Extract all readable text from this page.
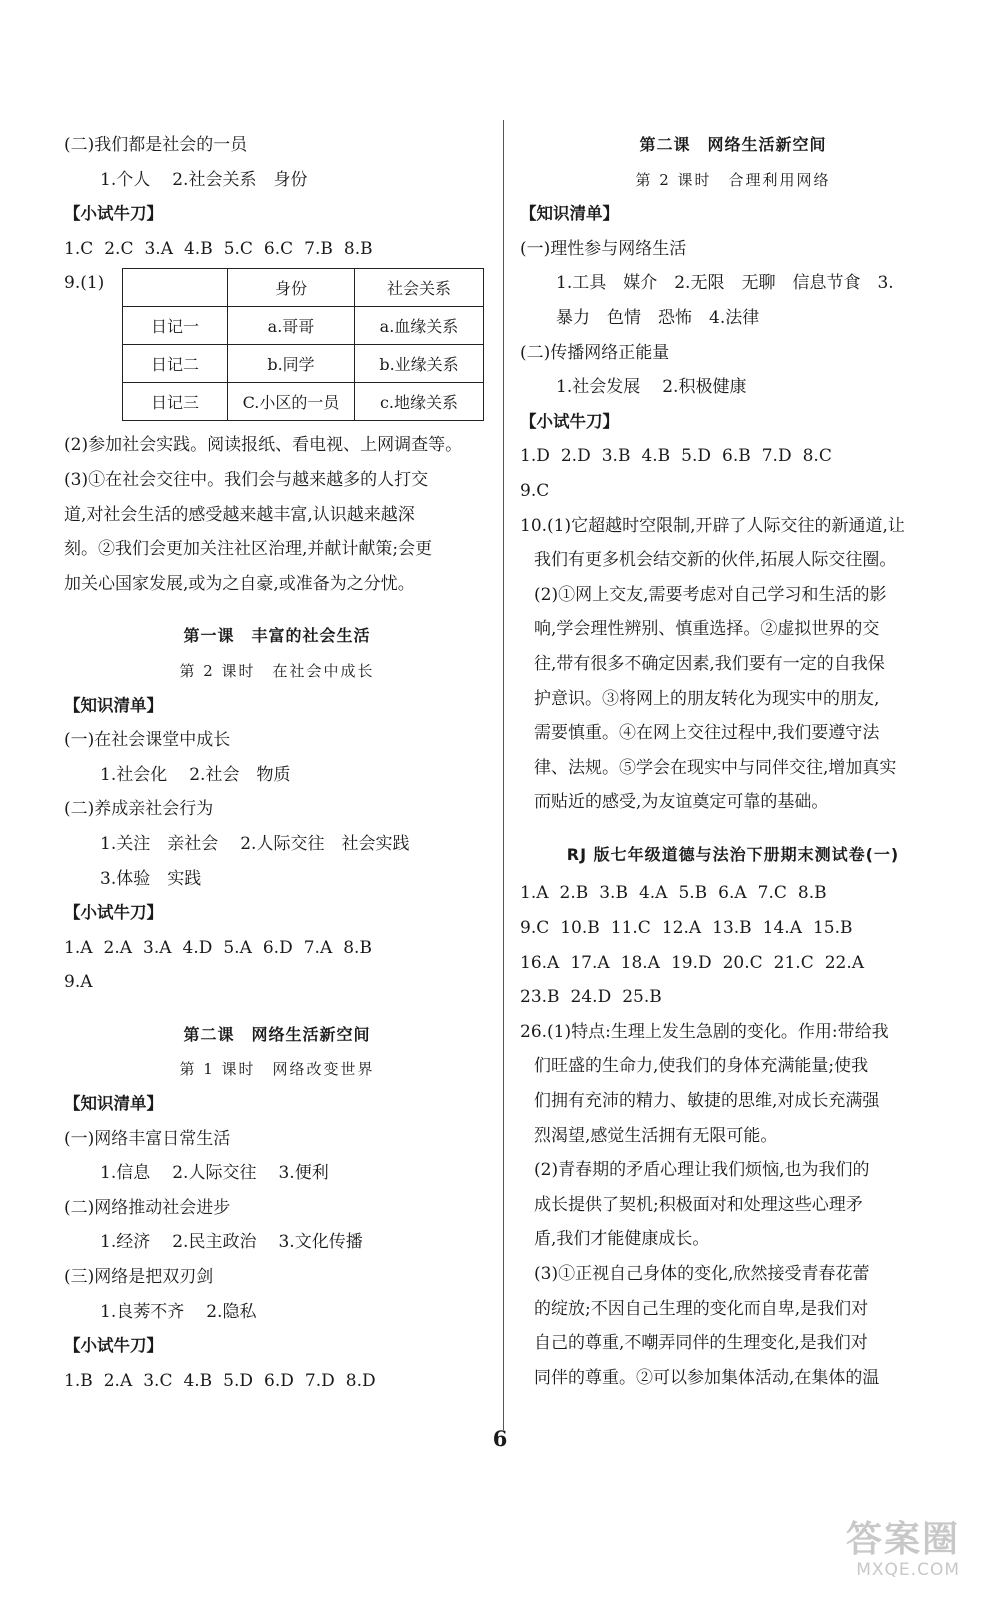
(二)我们都是社会的一员
1.个人 2.社会关系　身份
【小试牛刀】
1.C 2.C 3.A 4.B 5.C 6.C 7.B 8.B
9.(1)
		身份	社会关系
日记一	a.哥哥	a.血缘关系
日记二	b.同学	b.业缘关系
日记三	C.小区的一员	c.地缘关系
(2)参加社会实践。阅读报纸、看电视、上网调查等。
(3)①在社会交往中。我们会与越来越多的人打交
道,对社会生活的感受越来越丰富,认识越来越深
刻。②我们会更加关注社区治理,并献计献策;会更
加关心国家发展,或为之自豪,或准备为之分忧。
第一课　丰富的社会生活
第 2 课时　在社会中成长
【知识清单】
(一)在社会课堂中成长
1.社会化 2.社会　物质
(二)养成亲社会行为
1.关注　亲社会 2.人际交往　社会实践
3.体验　实践
【小试牛刀】
1.A 2.A 3.A 4.D 5.A 6.D 7.A 8.B
9.A
第二课　网络生活新空间
第 1 课时　网络改变世界
【知识清单】
(一)网络丰富日常生活
1.信息 2.人际交往 3.便利
(二)网络推动社会进步
1.经济 2.民主政治 3.文化传播
(三)网络是把双刃剑
1.良莠不齐 2.隐私
【小试牛刀】
1.B 2.A 3.C 4.B 5.D 6.D 7.D 8.D
第二课　网络生活新空间
第 2 课时　合理利用网络
【知识清单】
(一)理性参与网络生活
1.工具　媒介　2.无限　无聊　信息节食　3.
暴力　色情　恐怖　4.法律
(二)传播网络正能量
1.社会发展 2.积极健康
【小试牛刀】
1.D 2.D 3.B 4.B 5.D 6.B 7.D 8.C
9.C
10.(1)它超越时空限制,开辟了人际交往的新通道,让
我们有更多机会结交新的伙伴,拓展人际交往圈。
(2)①网上交友,需要考虑对自己学习和生活的影
响,学会理性辨别、慎重选择。②虚拟世界的交
往,带有很多不确定因素,我们要有一定的自我保
护意识。③将网上的朋友转化为现实中的朋友,
需要慎重。④在网上交往过程中,我们要遵守法
律、法规。⑤学会在现实中与同伴交往,增加真实
而贴近的感受,为友谊奠定可靠的基础。
RJ 版七年级道德与法治下册期末测试卷(一)
1.A 2.B 3.B 4.A 5.B 6.A 7.C 8.B
9.C 10.B 11.C 12.A 13.B 14.A 15.B
16.A 17.A 18.A 19.D 20.C 21.C 22.A
23.B 24.D 25.B
26.(1)特点:生理上发生急剧的变化。作用:带给我
们旺盛的生命力,使我们的身体充满能量;使我
们拥有充沛的精力、敏捷的思维,对成长充满强
烈渴望,感觉生活拥有无限可能。
(2)青春期的矛盾心理让我们烦恼,也为我们的
成长提供了契机;积极面对和处理这些心理矛
盾,我们才能健康成长。
(3)①正视自己身体的变化,欣然接受青春花蕾
的绽放;不因自己生理的变化而自卑,是我们对
自己的尊重,不嘲弄同伴的生理变化,是我们对
同伴的尊重。②可以参加集体活动,在集体的温
6
答案圈
MXQE.COM
